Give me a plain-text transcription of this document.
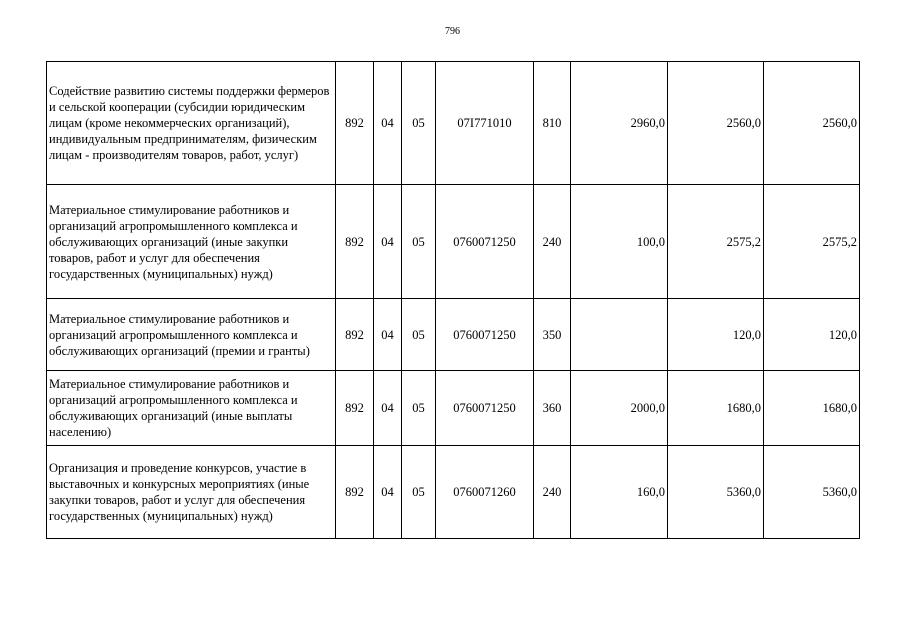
796
Содействие развитию системы поддержки фермеров и сельской кооперации (субсидии юридическим лицам (кроме некоммерческих организаций), индивидуальным предпринимателям, физическим лицам - производителям товаров, работ, услуг)	892	04	05	07I771010	810	2960,0	2560,0	2560,0
Материальное стимулирование работников и организаций агропромышленного комплекса и обслуживающих организаций (иные закупки товаров, работ и услуг для обеспечения государственных (муниципальных) нужд)	892	04	05	0760071250	240	100,0	2575,2	2575,2
Материальное стимулирование работников и организаций агропромышленного комплекса и обслуживающих организаций (премии и гранты)	892	04	05	0760071250	350		120,0	120,0
Материальное стимулирование работников и организаций агропромышленного комплекса и обслуживающих организаций (иные выплаты населению)	892	04	05	0760071250	360	2000,0	1680,0	1680,0
Организация и проведение конкурсов, участие в выставочных и конкурсных мероприятиях (иные закупки товаров, работ и услуг для обеспечения государственных (муниципальных) нужд)	892	04	05	0760071260	240	160,0	5360,0	5360,0
